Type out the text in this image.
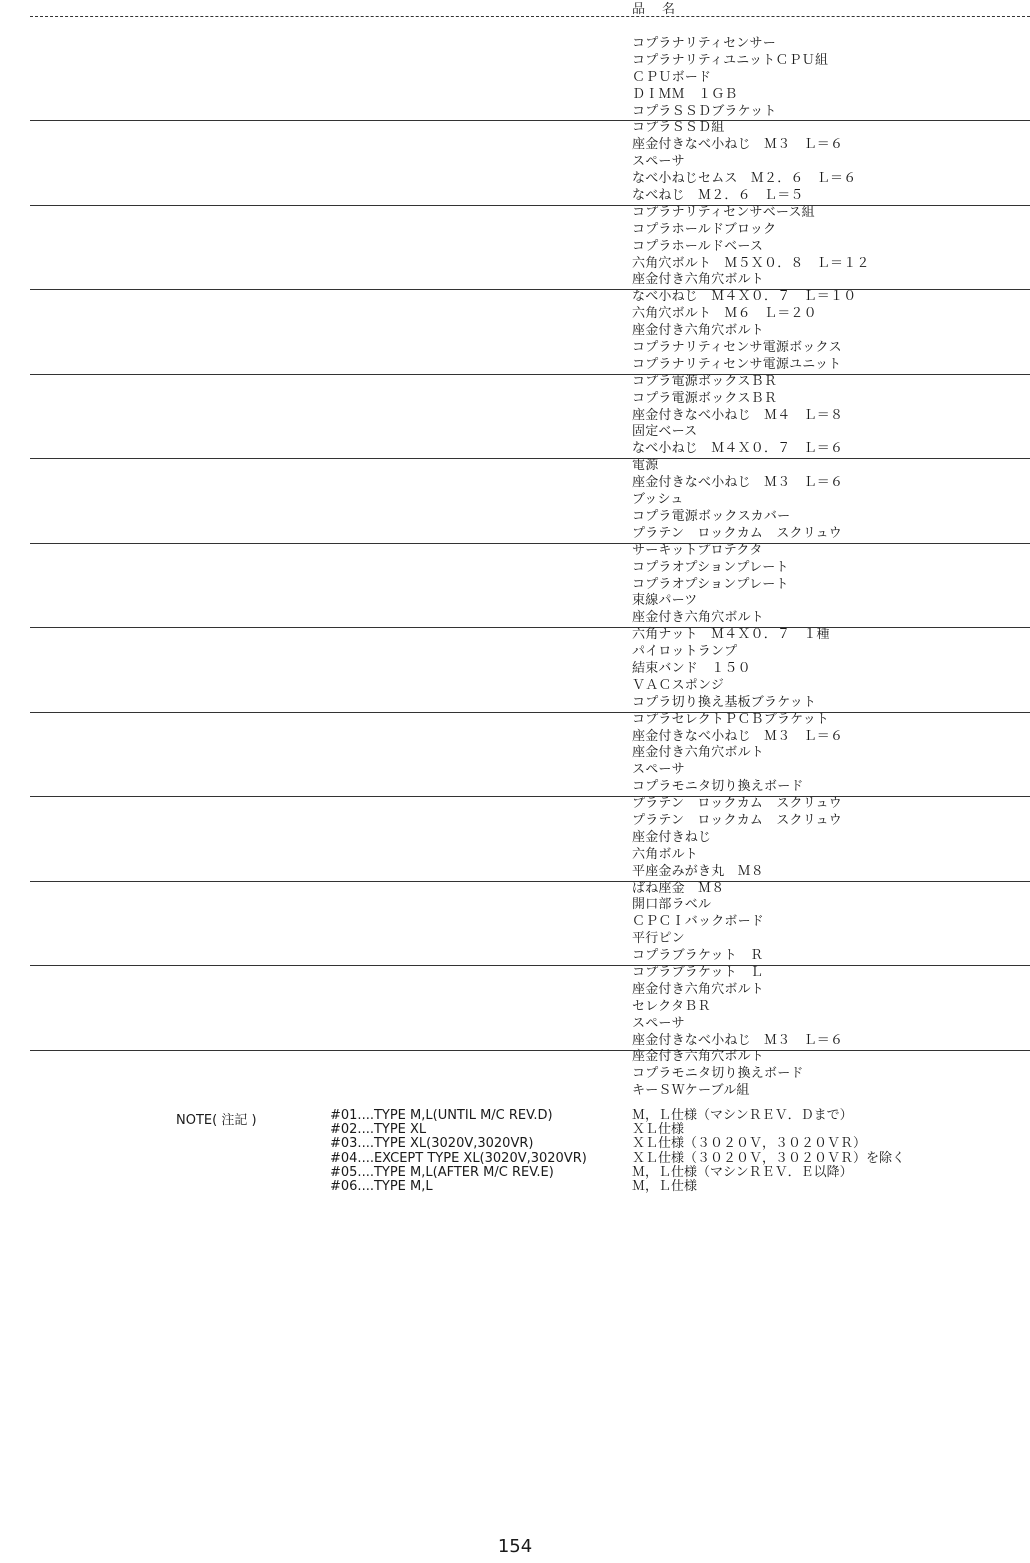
品　名
コプラナリティセンサー
コプラナリティユニットＣＰＵ組
ＣＰＵボード
ＤＩＭＭ　１ＧＢ
コプラＳＳＤブラケット
コプラＳＳＤ組
座金付きなべ小ねじ　Ｍ３　Ｌ＝６
スペーサ
なべ小ねじセムス　Ｍ２．６　Ｌ＝６
なべねじ　Ｍ２．６　Ｌ＝５
コプラナリティセンサベース組
コプラホールドブロック
コプラホールドベース
六角穴ボルト　Ｍ５Ｘ０．８　Ｌ＝１２
座金付き六角穴ボルト
なべ小ねじ　Ｍ４Ｘ０．７　Ｌ＝１０
六角穴ボルト　Ｍ６　Ｌ＝２０
座金付き六角穴ボルト
コプラナリティセンサ電源ボックス
コプラナリティセンサ電源ユニット
コプラ電源ボックスＢＲ
コプラ電源ボックスＢＲ
座金付きなべ小ねじ　Ｍ４　Ｌ＝８
固定ベース
なべ小ねじ　Ｍ４Ｘ０．７　Ｌ＝６
電源
座金付きなべ小ねじ　Ｍ３　Ｌ＝６
ブッシュ
コプラ電源ボックスカバー
プラテン　ロックカム　スクリュウ
サーキットプロテクタ
コプラオプションプレート
コプラオプションプレート
束線パーツ
座金付き六角穴ボルト
六角ナット　Ｍ４Ｘ０．７　１種
パイロットランプ
結束バンド　１５０
ＶＡＣスポンジ
コプラ切り換え基板ブラケット
コプラセレクトＰＣＢブラケット
座金付きなべ小ねじ　Ｍ３　Ｌ＝６
座金付き六角穴ボルト
スペーサ
コプラモニタ切り換えボード
プラテン　ロックカム　スクリュウ
プラテン　ロックカム　スクリュウ
座金付きねじ
六角ボルト
平座金みがき丸　Ｍ８
ばね座金　Ｍ８
開口部ラベル
ＣＰＣＩバックボード
平行ピン
コプラブラケット　Ｒ
コプラブラケット　Ｌ
座金付き六角穴ボルト
セレクタＢＲ
スペーサ
座金付きなべ小ねじ　Ｍ３　Ｌ＝６
座金付き六角穴ボルト
コプラモニタ切り換えボード
キーＳＷケーブル組
NOTE( 注記 )	#01....TYPE M,L(UNTIL M/C REV.D)
#02....TYPE XL
#03....TYPE XL(3020V,3020VR)
#04....EXCEPT TYPE XL(3020V,3020VR)
#05....TYPE M,L(AFTER M/C REV.E)
#06....TYPE M,L
Ｍ，Ｌ仕様（マシンＲＥＶ．Ｄまで）
ＸＬ仕様
ＸＬ仕様（３０２０Ｖ，３０２０ＶＲ）
ＸＬ仕様（３０２０Ｖ，３０２０ＶＲ）を除く
Ｍ，Ｌ仕様（マシンＲＥＶ．Ｅ以降）
Ｍ，Ｌ仕様
154
